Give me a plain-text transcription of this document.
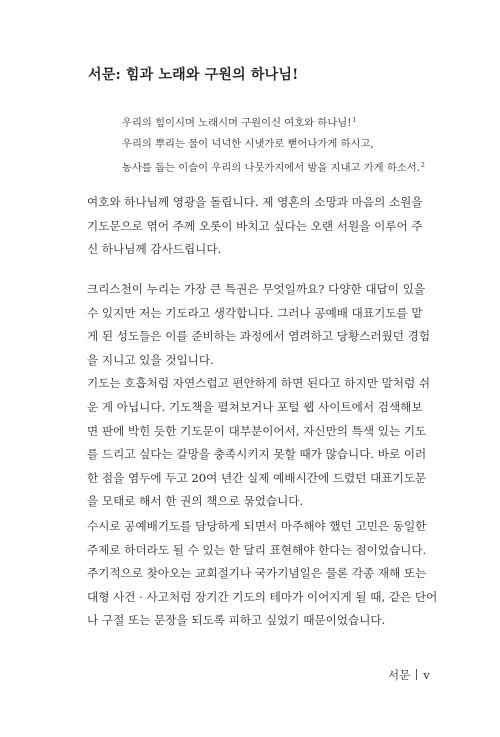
서문: 힘과 노래와 구원의 하나님!
우리의 힘이시며 노래시며 구원이신 여호와 하나님!$^1$
우리의 뿌리는 물이 넉넉한 시냇가로 뻗어나가게 하시고,
농사를 돕는 이슬이 우리의 나뭇가지에서 밤을 지내고 가게 하소서.$^2$
여호와 하나님께 영광을 돌립니다. 제 영혼의 소망과 마음의 소원을
기도문으로 엮어 주께 오롯이 바치고 싶다는 오랜 서원을 이루어 주
신 하나님께 감사드립니다.
크리스천이 누리는 가장 큰 특권은 무엇일까요? 다양한 대답이 있을
수 있지만 저는 기도라고 생각합니다. 그러나 공예배 대표기도를 맡
게 된 성도들은 이를 준비하는 과정에서 염려하고 당황스러웠던 경험
을 지니고 있을 것입니다.
기도는 호흡처럼 자연스럽고 편안하게 하면 된다고 하지만 말처럼 쉬
운 게 아닙니다. 기도책을 펼쳐보거나 포털 웹 사이트에서 검색해보
면 판에 박힌 듯한 기도문이 대부분이어서, 자신만의 특색 있는 기도
를 드리고 싶다는 갈망을 충족시키지 못할 때가 많습니다. 바로 이러
한 점을 염두에 두고 20여 년간 실제 예배시간에 드렸던 대표기도문
을 모태로 해서 한 권의 책으로 묶었습니다.
수시로 공예배기도를 담당하게 되면서 마주해야 했던 고민은 동일한
주제로 하더라도 될 수 있는 한 달리 표현해야 한다는 점이었습니다.
주기적으로 찾아오는 교회절기나 국가기념일은 물론 각종 재해 또는
대형 사건 · 사고처럼 장기간 기도의 테마가 이어지게 될 때, 같은 단어
나 구절 또는 문장을 되도록 피하고 싶었기 때문이었습니다.
서문 v
